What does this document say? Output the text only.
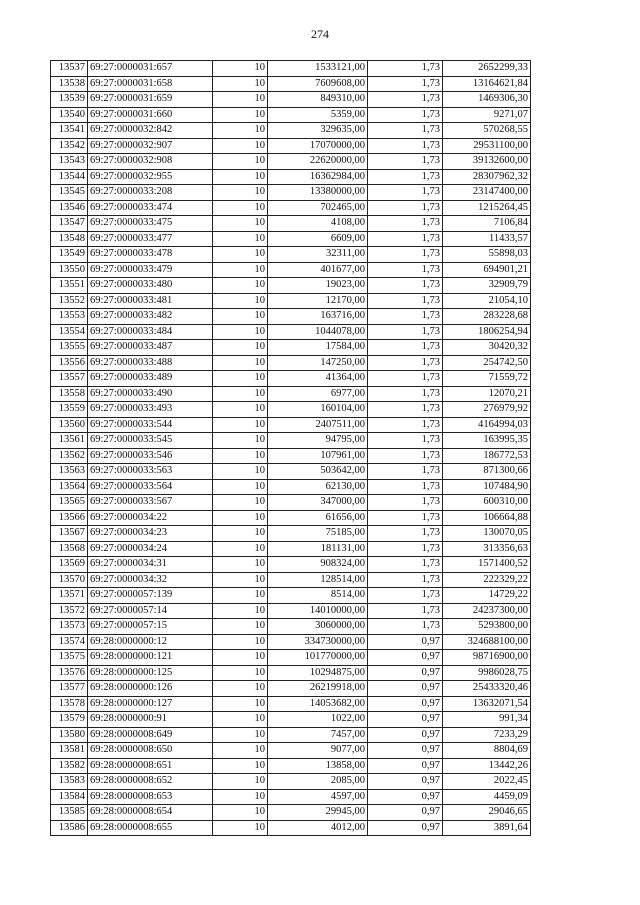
274
13537	69:27:0000031:657	10	1533121,00	1,73	2652299,33
13538	69:27:0000031:658	10	7609608,00	1,73	13164621,84
13539	69:27:0000031:659	10	849310,00	1,73	1469306,30
13540	69:27:0000031:660	10	5359,00	1,73	9271,07
13541	69:27:0000032:842	10	329635,00	1,73	570268,55
13542	69:27:0000032:907	10	17070000,00	1,73	29531100,00
13543	69:27:0000032:908	10	22620000,00	1,73	39132600,00
13544	69:27:0000032:955	10	16362984,00	1,73	28307962,32
13545	69:27:0000033:208	10	13380000,00	1,73	23147400,00
13546	69:27:0000033:474	10	702465,00	1,73	1215264,45
13547	69:27:0000033:475	10	4108,00	1,73	7106,84
13548	69:27:0000033:477	10	6609,00	1,73	11433,57
13549	69:27:0000033:478	10	32311,00	1,73	55898,03
13550	69:27:0000033:479	10	401677,00	1,73	694901,21
13551	69:27:0000033:480	10	19023,00	1,73	32909,79
13552	69:27:0000033:481	10	12170,00	1,73	21054,10
13553	69:27:0000033:482	10	163716,00	1,73	283228,68
13554	69:27:0000033:484	10	1044078,00	1,73	1806254,94
13555	69:27:0000033:487	10	17584,00	1,73	30420,32
13556	69:27:0000033:488	10	147250,00	1,73	254742,50
13557	69:27:0000033:489	10	41364,00	1,73	71559,72
13558	69:27:0000033:490	10	6977,00	1,73	12070,21
13559	69:27:0000033:493	10	160104,00	1,73	276979,92
13560	69:27:0000033:544	10	2407511,00	1,73	4164994,03
13561	69:27:0000033:545	10	94795,00	1,73	163995,35
13562	69:27:0000033:546	10	107961,00	1,73	186772,53
13563	69:27:0000033:563	10	503642,00	1,73	871300,66
13564	69:27:0000033:564	10	62130,00	1,73	107484,90
13565	69:27:0000033:567	10	347000,00	1,73	600310,00
13566	69:27:0000034:22	10	61656,00	1,73	106664,88
13567	69:27:0000034:23	10	75185,00	1,73	130070,05
13568	69:27:0000034:24	10	181131,00	1,73	313356,63
13569	69:27:0000034:31	10	908324,00	1,73	1571400,52
13570	69:27:0000034:32	10	128514,00	1,73	222329,22
13571	69:27:0000057:139	10	8514,00	1,73	14729,22
13572	69:27:0000057:14	10	14010000,00	1,73	24237300,00
13573	69:27:0000057:15	10	3060000,00	1,73	5293800,00
13574	69:28:0000000:12	10	334730000,00	0,97	324688100,00
13575	69:28:0000000:121	10	101770000,00	0,97	98716900,00
13576	69:28:0000000:125	10	10294875,00	0,97	9986028,75
13577	69:28:0000000:126	10	26219918,00	0,97	25433320,46
13578	69:28:0000000:127	10	14053682,00	0,97	13632071,54
13579	69:28:0000000:91	10	1022,00	0,97	991,34
13580	69:28:0000008:649	10	7457,00	0,97	7233,29
13581	69:28:0000008:650	10	9077,00	0,97	8804,69
13582	69:28:0000008:651	10	13858,00	0,97	13442,26
13583	69:28:0000008:652	10	2085,00	0,97	2022,45
13584	69:28:0000008:653	10	4597,00	0,97	4459,09
13585	69:28:0000008:654	10	29945,00	0,97	29046,65
13586	69:28:0000008:655	10	4012,00	0,97	3891,64
